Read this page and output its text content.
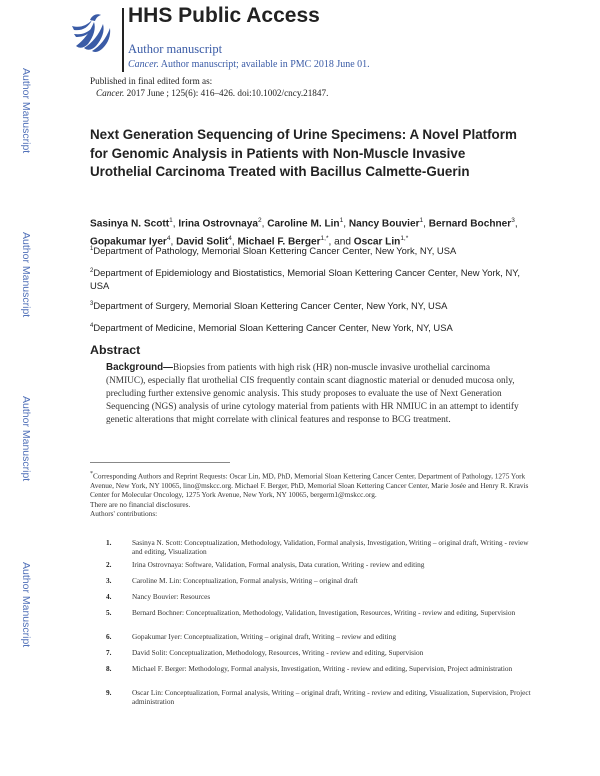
Author Manuscript
Author Manuscript
Author Manuscript
Author Manuscript
HHS Public Access
Author manuscript
Cancer. Author manuscript; available in PMC 2018 June 01.
Published in final edited form as:
Cancer. 2017 June ; 125(6): 416–426. doi:10.1002/cncy.21847.
Next Generation Sequencing of Urine Specimens: A Novel Platform for Genomic Analysis in Patients with Non-Muscle Invasive Urothelial Carcinoma Treated with Bacillus Calmette-Guerin
Sasinya N. Scott$^1$, Irina Ostrovnaya$^2$, Caroline M. Lin$^1$, Nancy Bouvier$^1$, Bernard Bochner$^3$, Gopakumar Iyer$^4$, David Solit$^4$, Michael F. Berger$^{1,*}$, and Oscar Lin$^{1,*}$
$^1$Department of Pathology, Memorial Sloan Kettering Cancer Center, New York, NY, USA
$^2$Department of Epidemiology and Biostatistics, Memorial Sloan Kettering Cancer Center, New York, NY, USA
$^3$Department of Surgery, Memorial Sloan Kettering Cancer Center, New York, NY, USA
$^4$Department of Medicine, Memorial Sloan Kettering Cancer Center, New York, NY, USA
Abstract

Background—Biopsies from patients with high risk (HR) non-muscle invasive urothelial carcinoma (NMIUC), especially flat urothelial CIS frequently contain scant diagnostic material or denuded mucosa only, precluding further extensive genomic analysis. This study proposes to evaluate the use of Next Generation Sequencing (NGS) analysis of urine cytology material from patients with HR NMIUC in an attempt to identify genetic alterations that might correlate with clinical features and response to BCG treatment.

*Corresponding Authors and Reprint Requests: Oscar Lin, MD, PhD, Memorial Sloan Kettering Cancer Center, Department of Pathology, 1275 York Avenue, New York, NY 10065, lino@mskcc.org. Michael F. Berger, PhD, Memorial Sloan Kettering Cancer Center, Marie Josée and Henry R. Kravis Center for Molecular Oncology, 1275 York Avenue, New York, NY 10065, bergerm1@mskcc.org.
There are no financial disclosures.
Authors' contributions:
1.	Sasinya N. Scott: Conceptualization, Methodology, Validation, Formal analysis, Investigation, Writing – original draft, Writing - review and editing, Visualization
2.	Irina Ostrovnaya: Software, Validation, Formal analysis, Data curation, Writing - review and editing
3.	Caroline M. Lin: Conceptualization, Formal analysis, Writing – original draft
4.	Nancy Bouvier: Resources
5.	Bernard Bochner: Conceptualization, Methodology, Validation, Investigation, Resources, Writing - review and editing, Supervision
6.	Gopakumar Iyer: Conceptualization, Writing – original draft, Writing – review and editing
7.	David Solit: Conceptualization, Methodology, Resources, Writing - review and editing, Supervision
8.	Michael F. Berger: Methodology, Formal analysis, Investigation, Writing - review and editing, Supervision, Project administration
9.	Oscar Lin: Conceptualization, Formal analysis, Writing – original draft, Writing - review and editing, Visualization, Supervision, Project administration
